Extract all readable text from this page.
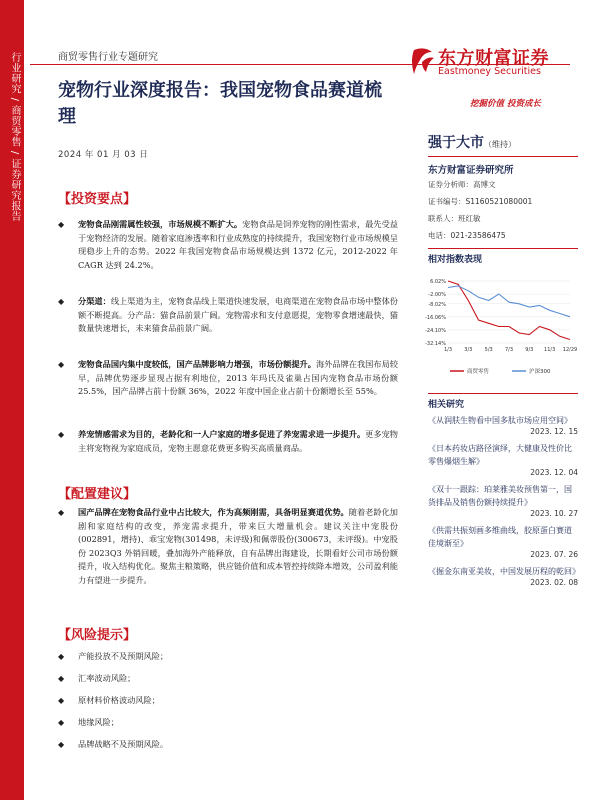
行业研究 / 商贸零售 / 证券研究报告	商贸零售行业专题研究	东方财富证券
Eastmoney Securities
宠物行业深度报告：我国宠物食品赛道梳理
2024 年 01 月 03 日
挖掘价值 投资成长
【投资要点】
◆ 宠物食品刚需属性较强，市场规模不断扩大。宠物食品是饲养宠物的刚性需求，最先受益于宠物经济的发展。随着家庭渗透率和行业成熟度的持续提升，我国宠物行业市场规模呈现稳步上升的态势。2022 年我国宠物食品市场规模达到 1372 亿元，2012-2022 年 CAGR 达到 24.2%。
◆ 分渠道：线上渠道为主，宠物食品线上渠道快速发展，电商渠道在宠物食品市场中整体份额不断提高。分产品：猫食品前景广阔。宠物需求和支付意愿提，宠物零食增速最快，猫数量快速增长，未来猫食品前景广阔。
◆ 宠物食品国内集中度较低，国产品牌影响力增强，市场份额提升。海外品牌在我国布局较早，品牌优势逐步显现占据有利地位，2013 年玛氏及雀巢占国内宠物食品市场份额 25.5%，国产品牌占前十份额 36%，2022 年度中国企业占前十份额增长至 55%。
◆ 养宠情感需求为目的，老龄化和一人户家庭的增多促进了养宠需求进一步提升。更多宠物主将宠物视为家庭成员，宠物主愿意花费更多购买高质量商品。
【配置建议】
◆ 国产品牌在宠物食品行业中占比较大，作为高频刚需，具备明显赛道优势。随着老龄化加剧和家庭结构的改变，养宠需求提升，带来巨大增量机会。建议关注中宠股份(002891，增持)、乖宝宠物(301498，未评级)和佩蒂股份(300673，未评级)。中宠股份 2023Q3 外销回暖，叠加海外产能释放，自有品牌出海建设，长期看好公司市场份额提升，收入结构优化。聚焦主粮策略，供应链价值和成本管控持续降本增效，公司盈利能力有望进一步提升。
【风险提示】
◆ 产能投放不及预期风险；
◆ 汇率波动风险；
◆ 原材料价格波动风险；
◆ 地缘风险；
◆ 品牌战略不及预期风险。
强于大市（维持）
东方财富证券研究所
证券分析师：高博文
证书编号：S1160521080001
联系人：班红敏
电话：021-23586475
相对指数表现
6.02%
-2.00%
-8.02%
-16.06%
-24.10%
-32.14%
1/3 3/3 5/3 7/3 9/3 11/3 12/29
商贸零售	沪深300
相关研究
《从润肤生物看中国多肽市场应用空间》
2023. 12. 15
《日本药妆店路径演绎，大健康及性价比零售爆烟生解》
2023. 12. 04
《双十一跟踪：珀莱雅美妆预售第一，国货排品及销售份额持续提升》
2023. 10. 27
《供需共振刻画多维曲线，胶原蛋白赛道佳境渐至》
2023. 07. 26
《掘金东南亚美妆，中国发展历程的乾回》
2023. 02. 08
